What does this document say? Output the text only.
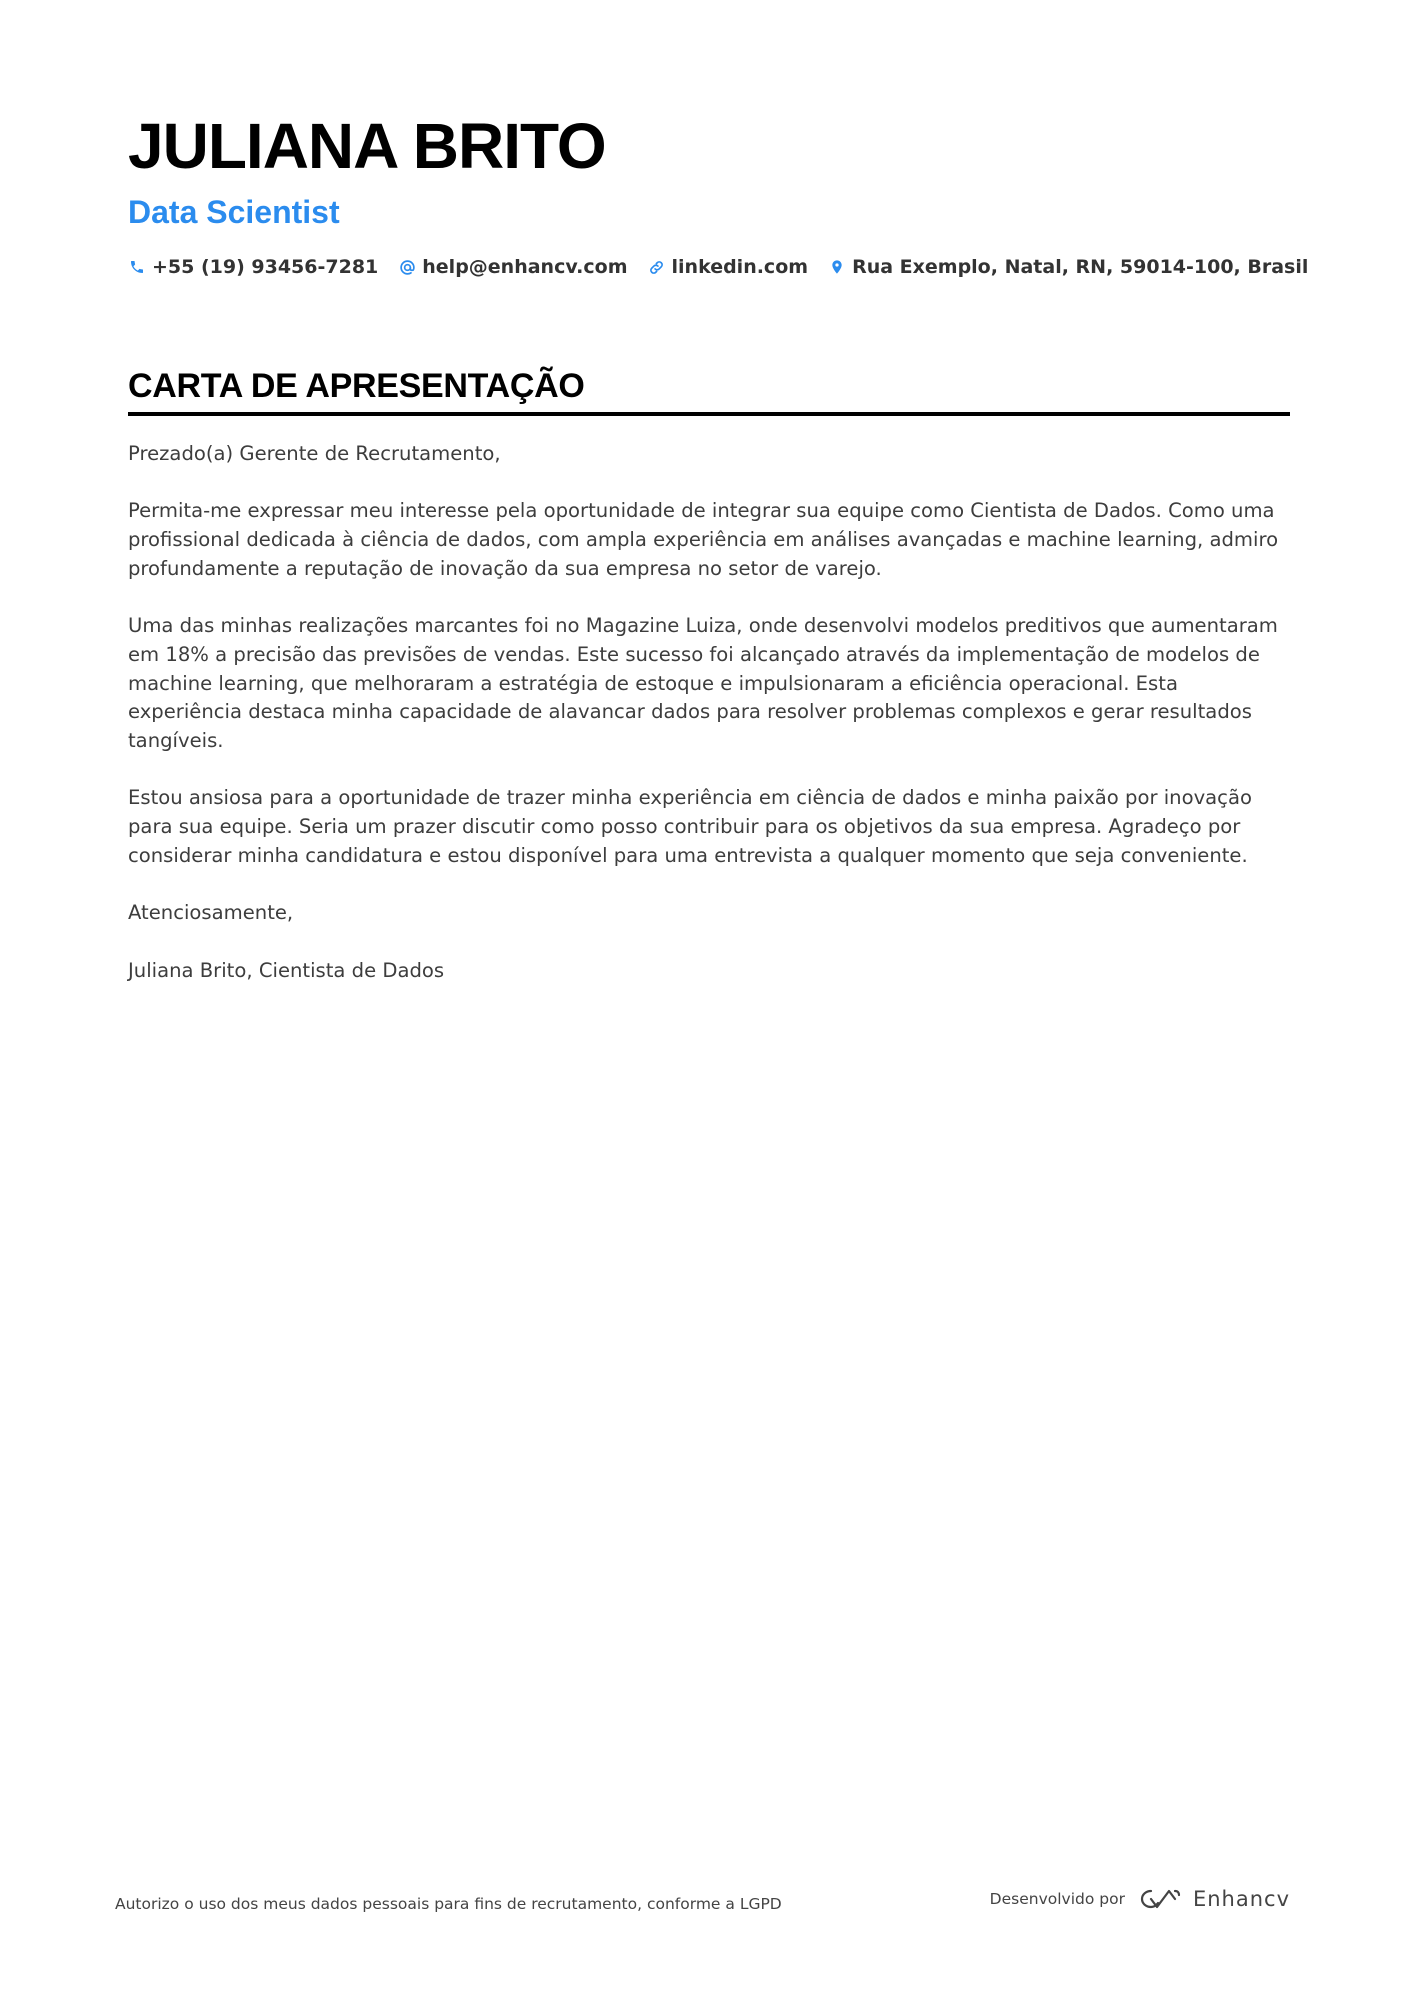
JULIANA BRITO
Data Scientist
+55 (19) 93456-7281 help@enhancv.com linkedin.com Rua Exemplo, Natal, RN, 59014-100, Brasil
CARTA DE APRESENTAÇÃO

Prezado(a) Gerente de Recrutamento,

Permita-me expressar meu interesse pela oportunidade de integrar sua equipe como Cientista de Dados. Como uma profissional dedicada à ciência de dados, com ampla experiência em análises avançadas e machine learning, admiro profundamente a reputação de inovação da sua empresa no setor de varejo.

Uma das minhas realizações marcantes foi no Magazine Luiza, onde desenvolvi modelos preditivos que aumentaram em 18% a precisão das previsões de vendas. Este sucesso foi alcançado através da implementação de modelos de machine learning, que melhoraram a estratégia de estoque e impulsionaram a eficiência operacional. Esta experiência destaca minha capacidade de alavancar dados para resolver problemas complexos e gerar resultados tangíveis.

Estou ansiosa para a oportunidade de trazer minha experiência em ciência de dados e minha paixão por inovação para sua equipe. Seria um prazer discutir como posso contribuir para os objetivos da sua empresa. Agradeço por considerar minha candidatura e estou disponível para uma entrevista a qualquer momento que seja conveniente.

Atenciosamente,

Juliana Brito, Cientista de Dados

Autorizo o uso dos meus dados pessoais para fins de recrutamento, conforme a LGPD	Desenvolvido por	Enhancv
